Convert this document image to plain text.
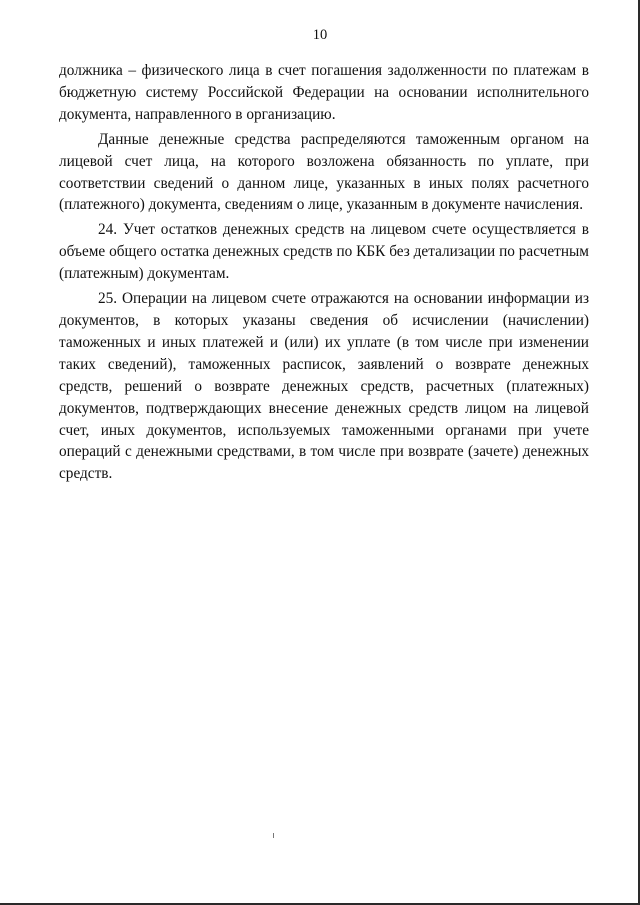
10

должника – физического лица в счет погашения задолженности по платежам в бюджетную систему Российской Федерации на основании исполнительного документа, направленного в организацию.

Данные денежные средства распределяются таможенным органом на лицевой счет лица, на которого возложена обязанность по уплате, при соответствии сведений о данном лице, указанных в иных полях расчетного (платежного) документа, сведениям о лице, указанным в документе начисления.

24. Учет остатков денежных средств на лицевом счете осуществляется в объеме общего остатка денежных средств по КБК без детализации по расчетным (платежным) документам.

25. Операции на лицевом счете отражаются на основании информации из документов, в которых указаны сведения об исчислении (начислении) таможенных и иных платежей и (или) их уплате (в том числе при изменении таких сведений), таможенных расписок, заявлений о возврате денежных средств, решений о возврате денежных средств, расчетных (платежных) документов, подтверждающих внесение денежных средств лицом на лицевой счет, иных документов, используемых таможенными органами при учете операций с денежными средствами, в том числе при возврате (зачете) денежных средств.
